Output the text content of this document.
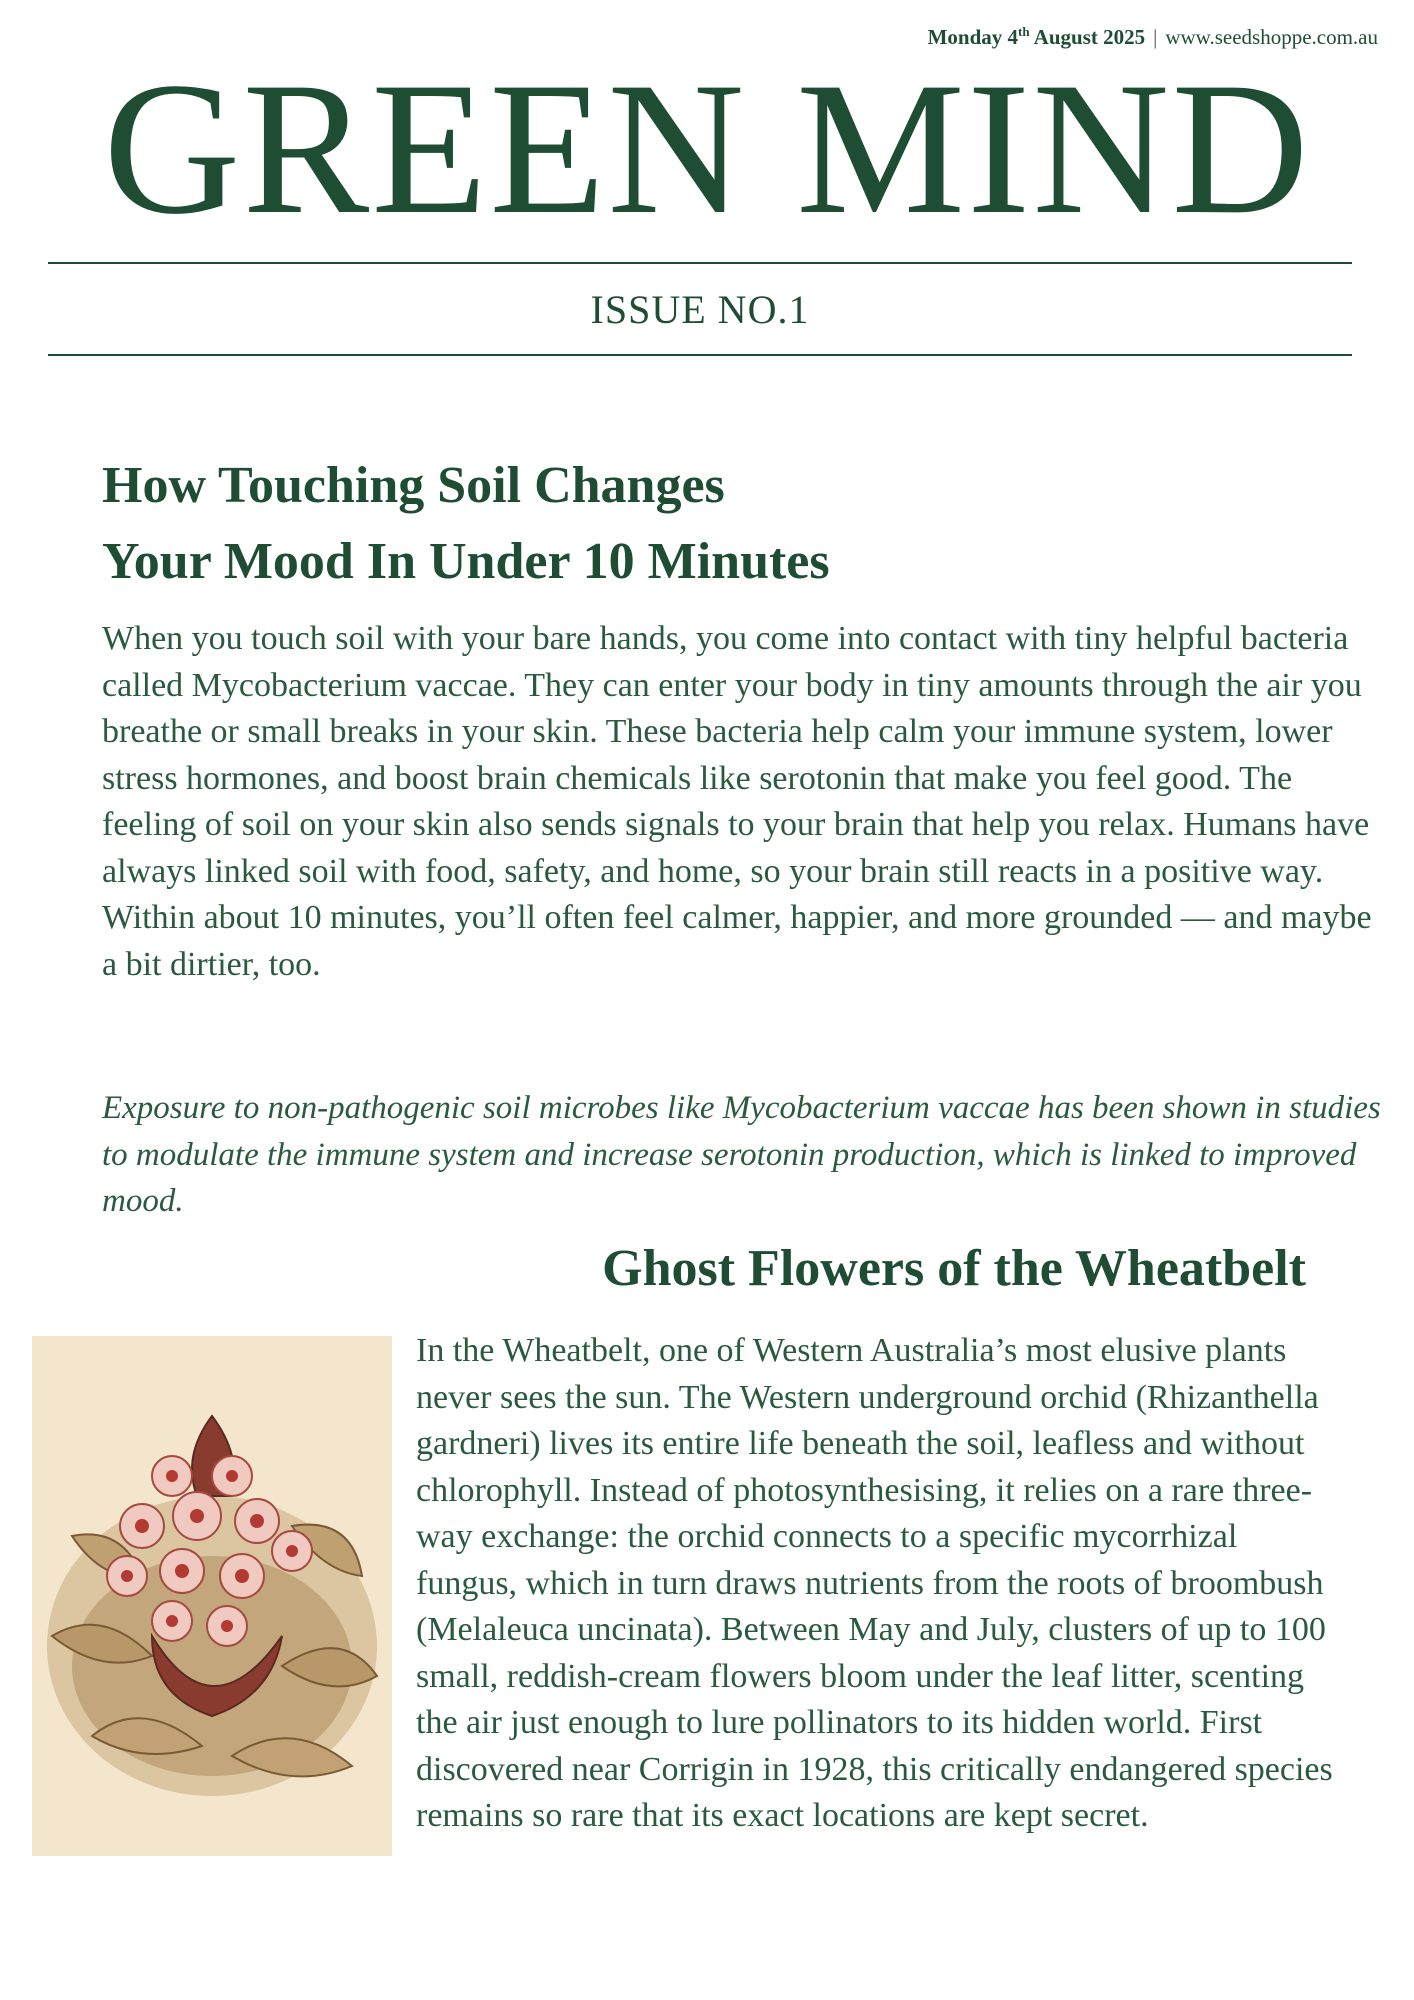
Monday 4th August 2025 | www.seedshoppe.com.au
GREEN MIND
ISSUE NO.1
How Touching Soil Changes
Your Mood In Under 10 Minutes
When you touch soil with your bare hands, you come into contact with tiny helpful bacteria called Mycobacterium vaccae. They can enter your body in tiny amounts through the air you breathe or small breaks in your skin. These bacteria help calm your immune system, lower stress hormones, and boost brain chemicals like serotonin that make you feel good. The feeling of soil on your skin also sends signals to your brain that help you relax. Humans have always linked soil with food, safety, and home, so your brain still reacts in a positive way. Within about 10 minutes, you’ll often feel calmer, happier, and more grounded — and maybe a bit dirtier, too.
Exposure to non-pathogenic soil microbes like Mycobacterium vaccae has been shown in studies to modulate the immune system and increase serotonin production, which is linked to improved mood.
Ghost Flowers of the Wheatbelt
In the Wheatbelt, one of Western Australia’s most elusive plants never sees the sun. The Western underground orchid (Rhizanthella gardneri) lives its entire life beneath the soil, leafless and without chlorophyll. Instead of photosynthesising, it relies on a rare three-way exchange: the orchid connects to a specific mycorrhizal fungus, which in turn draws nutrients from the roots of broombush (Melaleuca uncinata). Between May and July, clusters of up to 100 small, reddish-cream flowers bloom under the leaf litter, scenting the air just enough to lure pollinators to its hidden world. First discovered near Corrigin in 1928, this critically endangered species remains so rare that its exact locations are kept secret.
